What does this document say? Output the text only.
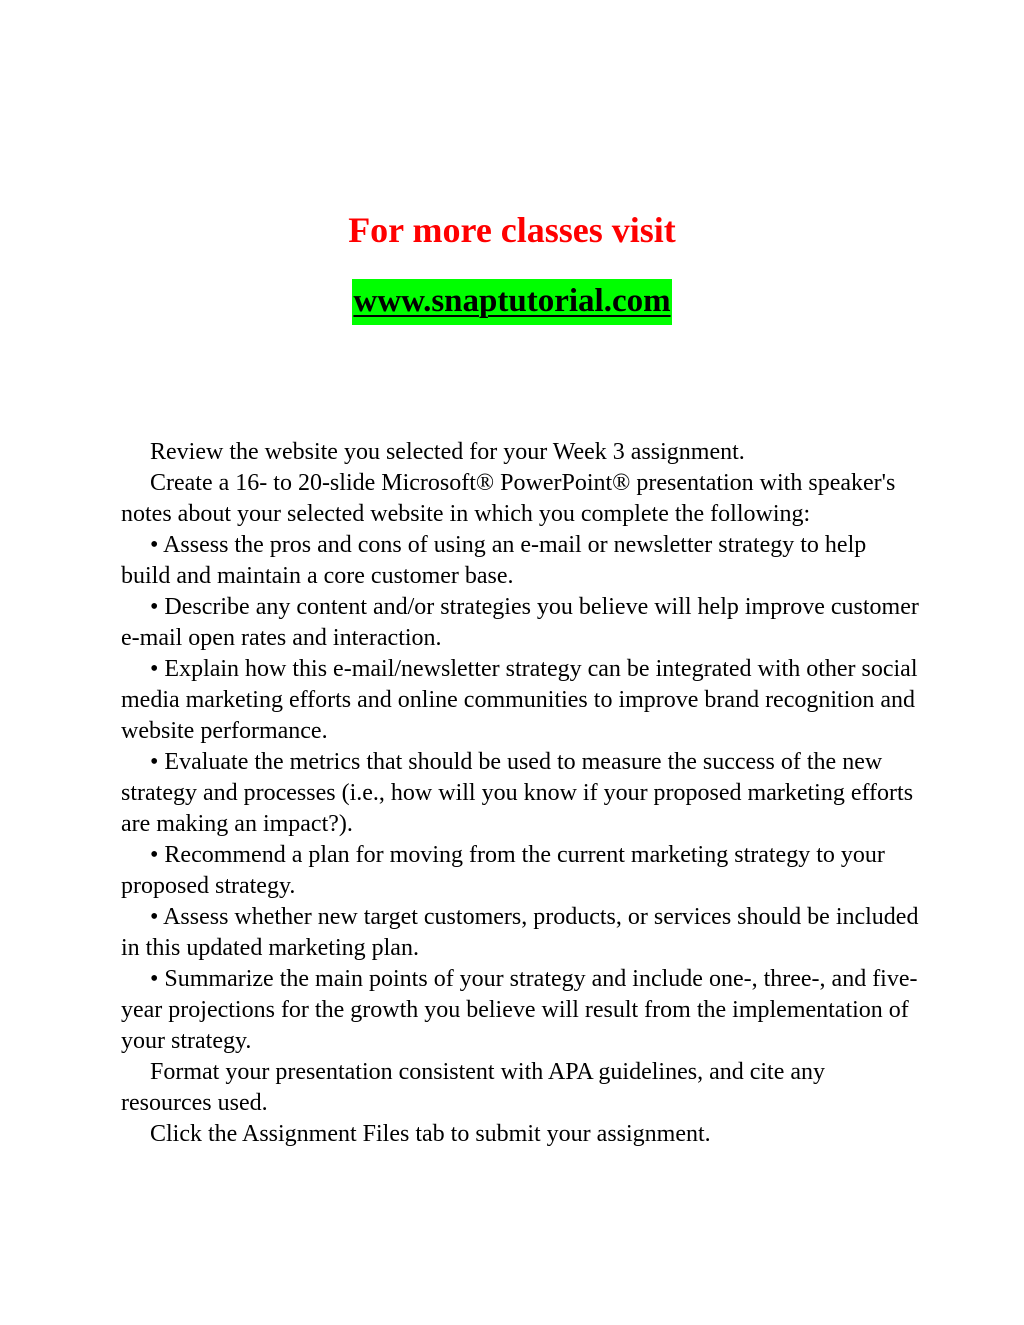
For more classes visit
www.snaptutorial.com

Review the website you selected for your Week 3 assignment.

Create a 16- to 20-slide Microsoft® PowerPoint® presentation with speaker's notes about your selected website in which you complete the following:

• Assess the pros and cons of using an e-mail or newsletter strategy to help build and maintain a core customer base.

• Describe any content and/or strategies you believe will help improve customer e-mail open rates and interaction.

• Explain how this e-mail/newsletter strategy can be integrated with other social media marketing efforts and online communities to improve brand recognition and website performance.

• Evaluate the metrics that should be used to measure the success of the new strategy and processes (i.e., how will you know if your proposed marketing efforts are making an impact?).

• Recommend a plan for moving from the current marketing strategy to your proposed strategy.

• Assess whether new target customers, products, or services should be included in this updated marketing plan.

• Summarize the main points of your strategy and include one-, three-, and five-year projections for the growth you believe will result from the implementation of your strategy.

Format your presentation consistent with APA guidelines, and cite any resources used.

Click the Assignment Files tab to submit your assignment.
